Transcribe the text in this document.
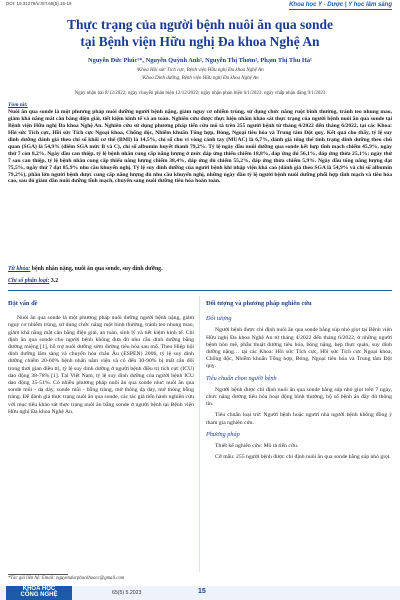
DOI: 10.31276/VJST.65(5).15-19	Khoa học Y - Dược | Y học lâm sàng
Thực trạng của người bệnh nuôi ăn qua sonde
tại Bệnh viện Hữu nghị Đa khoa Nghệ An
Nguyễn Đức Phúc¹*, Nguyễn Quỳnh Anh², Nguyễn Thị Thơm², Phạm Thị Thu Hà¹
¹Khoa Hồi sức Tích cực, Bệnh viện Hữu nghị Đa khoa Nghệ An
²Khoa Dinh dưỡng, Bệnh viện Hữu nghị Đa khoa Nghệ An
Ngày nhận bài 8/12/2022; ngày chuyển phản biện 12/12/2022; ngày nhận phản biện 6/1/2023; ngày chấp nhận đăng 9/1/2023
Tóm tắt:
Nuôi ăn qua sonde là một phương pháp nuôi dưỡng người bệnh nặng, giảm nguy cơ nhiễm trùng, sử dụng chức năng ruột bình thường, tránh teo nhung mao, giảm khả năng mắt cân bằng điện giải, tiết kiệm kinh tế và an toàn. Nghiên cứu được thực hiện nhằm khảo sát thực trạng của người bệnh nuôi ăn qua sonde tại Bệnh viện Hữu nghị Đa khoa Nghệ An. Nghiên cứu sử dụng phương pháp tiến cứu mô tả trên 255 người bệnh từ tháng 4/2022 đến tháng 6/2022, tại các Khoa: Hồi sức Tích cực, Hồi sức Tích cực Ngoại khoa, Chống độc, Nhiễm khuẩn Tổng hợp, Bỏng, Ngoại tiêu hóa và Trung tâm Đột quỵ. Kết quả cho thấy, tỷ lệ suy dinh dưỡng đánh giá theo chỉ số khối cơ thể (BMI) là 14,5%, chỉ số chu vi vòng cánh tay (MUAC) là 6,7%, đánh giá tổng thể tình trạng dinh dưỡng theo chủ quan (SGA) là 54,9% (điểm SGA mức B và C), chỉ số albumin huyết thanh 79,2%. Tỷ lệ ngày đầu nuôi dưỡng qua sonde kết hợp tĩnh mạch chiếm 45,9%, ngày thứ 7 còn 8,2%. Ngày đầu can thiệp, tỷ lệ bệnh nhân cung cấp năng lượng ở mức đáp ứng thiếu chiếm 18,8%, đáp ứng đủ 56,1%, đáp ứng thừa 25,1%; ngày thứ 7 sau can thiệp, tỷ lệ bệnh nhân cung cấp thiếu năng lượng chiếm 38,4%, đáp ứng đủ chiếm 55,2%, đáp ứng thừa chiếm 5,9%. Ngày đầu tổng năng lượng đạt 75,5%, ngày thứ 7 đạt 85,9% nhu cầu khuyến nghị. Tỷ lệ suy dinh dưỡng của người bệnh khi nhập viện khá cao (đánh giá theo SGA là 54,9% và chỉ số albumin 79,2%), phần lớn người bệnh được cung cấp năng lượng đủ nhu cầu khuyến nghị, những ngày đầu tỷ lệ người bệnh nuôi dưỡng phối hợp tĩnh mạch và tiêu hóa cao, sau đó giảm dần nuôi dưỡng tĩnh mạch, chuyển sang nuôi dưỡng tiêu hóa hoàn toàn.
Từ khóa: bệnh nhân nặng, nuôi ăn qua sonde, suy dinh dưỡng.
Chỉ số phân loại: 3.2
Đặt vấn đề
Nuôi ăn qua sonde là một phương pháp nuôi dưỡng người bệnh nặng, giảm nguy cơ nhiễm trùng, sử dụng chức năng ruột bình thường, tránh teo nhung mao, giảm khả năng mắt cân bằng điện giải, an toàn, sinh lý và tiết kiệm kinh tế. Chỉ định ăn qua sonde cho người bệnh không đưa đủ nhu cầu dinh dưỡng bằng đường miệng [1], hỗ trợ nuôi dưỡng sớm đường tiêu hóa sau mổ. Theo Hiệp hội dinh dưỡng lâm sàng và chuyển hóa châu Âu (ESPEN) 2006, tỷ lệ suy dinh dưỡng chiếm 20-60% bệnh nhân nằm viện và có đến 30-90% bị mất cân đối trong thời gian điều trị, tỷ lệ suy dinh dưỡng ở người bệnh điều trị tích cực (ICU) dao động 38-78% [1]. Tại Việt Nam, tỷ lệ suy dinh dưỡng của người bệnh ICU dao động 35-51%. Có nhiều phương pháp nuôi ăn qua sonde như: nuôi ăn qua sonde mũi - dạ dày, sonde mũi - hỗng tràng, mở thông dạ dày, mở thông hỗng tràng. Để đánh giá thực trạng nuôi ăn qua sonde, các tác giả tiến hành nghiên cứu với mục tiêu khảo sát thực trạng nuôi ăn bằng sonde ở người bệnh tại Bệnh viện Hữu nghị Đa khoa Nghệ An.
Đối tượng và phương pháp nghiên cứu
Đối tượng
Người bệnh được chỉ định nuôi ăn qua sonde bằng súp nhỏ giọt tại Bệnh viện Hữu nghị Đa khoa Nghệ An từ tháng 4/2022 đến tháng 6/2022, ở những người bệnh hôn mê, phẫu thuật đường tiêu hóa, bỏng nặng, hẹp thực quản, suy dinh dưỡng nặng… tại các Khoa: Hồi sức Tích cực, Hồi sức Tích cực Ngoại khoa, Chống độc, Nhiễm khuẩn Tổng hợp, Bỏng, Ngoại tiêu hóa và Trung tâm Đột quỵ.
Tiêu chuẩn chọn người bệnh
Người bệnh được chỉ định nuôi ăn qua sonde bằng súp nhỏ giọt trên 7 ngày, chức năng đường tiêu hóa hoạt động bình thường, bộ số bệnh án đầy đủ thông tin.
Tiêu chuẩn loại trừ: Người bệnh hoặc người nhà người bệnh không đồng ý tham gia nghiên cứu.
Phương pháp
Thiết kế nghiên cứu: Mô tả tiến cứu.
Cỡ mẫu: 255 người bệnh được chỉ định nuôi ăn qua sonde bằng súp nhỏ giọt.
*Tác giả liên hệ: Email: nguyenducphuckhoacc@gmail.com
KHOA HỌC
CÔNG NGHỆ	65(5) 5.2023	15
